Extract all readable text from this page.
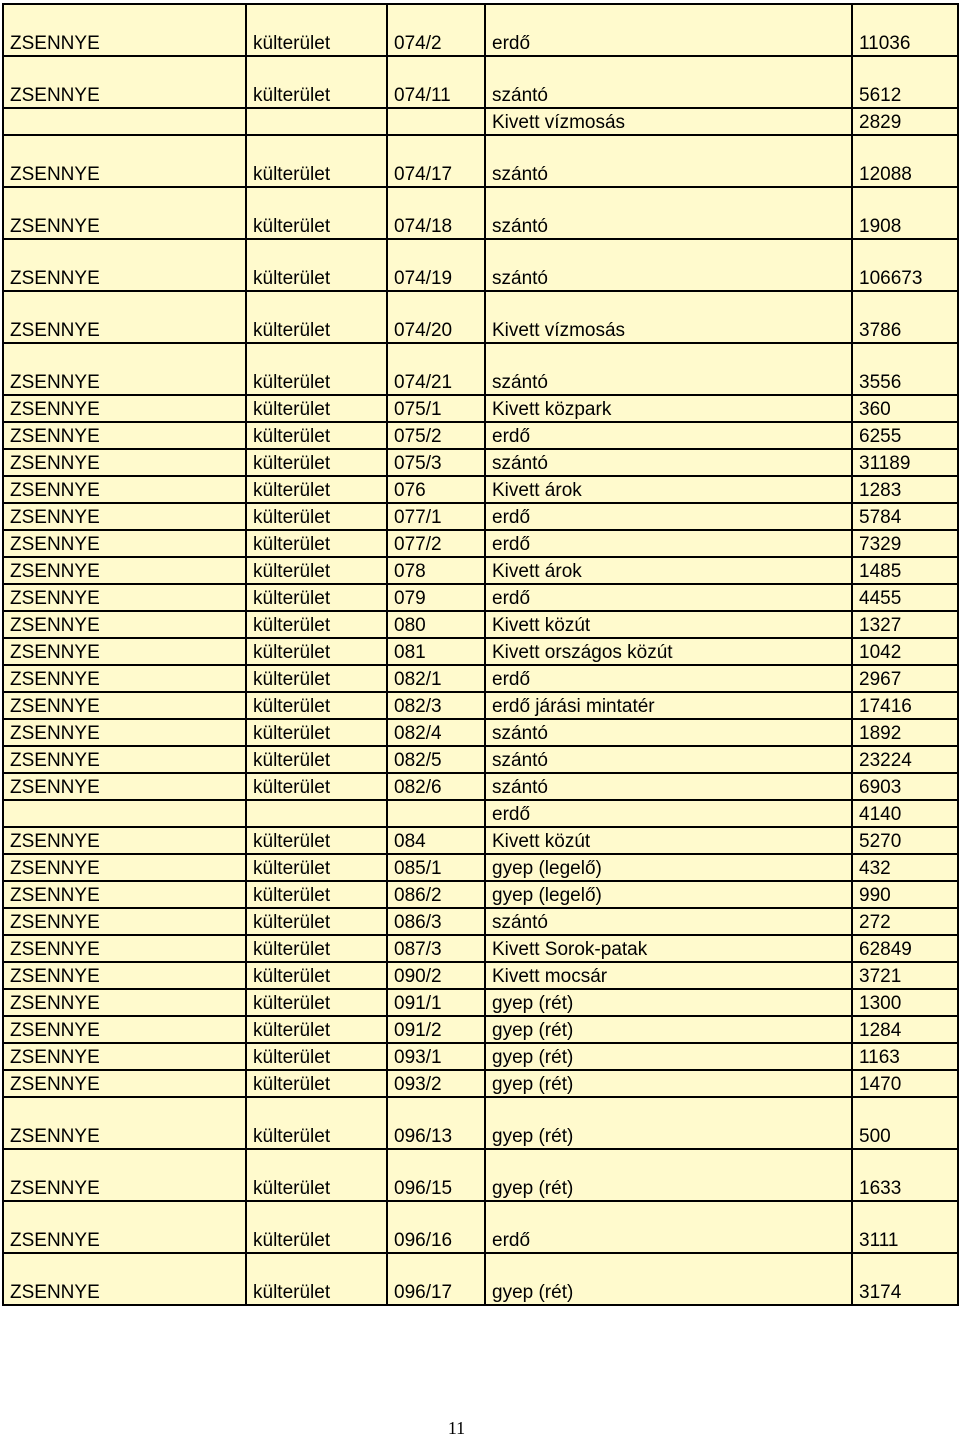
ZSENNYE	külterület	074/2	erdő	11036
ZSENNYE	külterület	074/11	szántó	5612
			Kivett vízmosás	2829
ZSENNYE	külterület	074/17	szántó	12088
ZSENNYE	külterület	074/18	szántó	1908
ZSENNYE	külterület	074/19	szántó	106673
ZSENNYE	külterület	074/20	Kivett vízmosás	3786
ZSENNYE	külterület	074/21	szántó	3556
ZSENNYE	külterület	075/1	Kivett közpark	360
ZSENNYE	külterület	075/2	erdő	6255
ZSENNYE	külterület	075/3	szántó	31189
ZSENNYE	külterület	076	Kivett árok	1283
ZSENNYE	külterület	077/1	erdő	5784
ZSENNYE	külterület	077/2	erdő	7329
ZSENNYE	külterület	078	Kivett árok	1485
ZSENNYE	külterület	079	erdő	4455
ZSENNYE	külterület	080	Kivett közút	1327
ZSENNYE	külterület	081	Kivett országos közút	1042
ZSENNYE	külterület	082/1	erdő	2967
ZSENNYE	külterület	082/3	erdő járási mintatér	17416
ZSENNYE	külterület	082/4	szántó	1892
ZSENNYE	külterület	082/5	szántó	23224
ZSENNYE	külterület	082/6	szántó	6903
			erdő	4140
ZSENNYE	külterület	084	Kivett közút	5270
ZSENNYE	külterület	085/1	gyep (legelő)	432
ZSENNYE	külterület	086/2	gyep (legelő)	990
ZSENNYE	külterület	086/3	szántó	272
ZSENNYE	külterület	087/3	Kivett Sorok-patak	62849
ZSENNYE	külterület	090/2	Kivett mocsár	3721
ZSENNYE	külterület	091/1	gyep (rét)	1300
ZSENNYE	külterület	091/2	gyep (rét)	1284
ZSENNYE	külterület	093/1	gyep (rét)	1163
ZSENNYE	külterület	093/2	gyep (rét)	1470
ZSENNYE	külterület	096/13	gyep (rét)	500
ZSENNYE	külterület	096/15	gyep (rét)	1633
ZSENNYE	külterület	096/16	erdő	3111
ZSENNYE	külterület	096/17	gyep (rét)	3174
11
